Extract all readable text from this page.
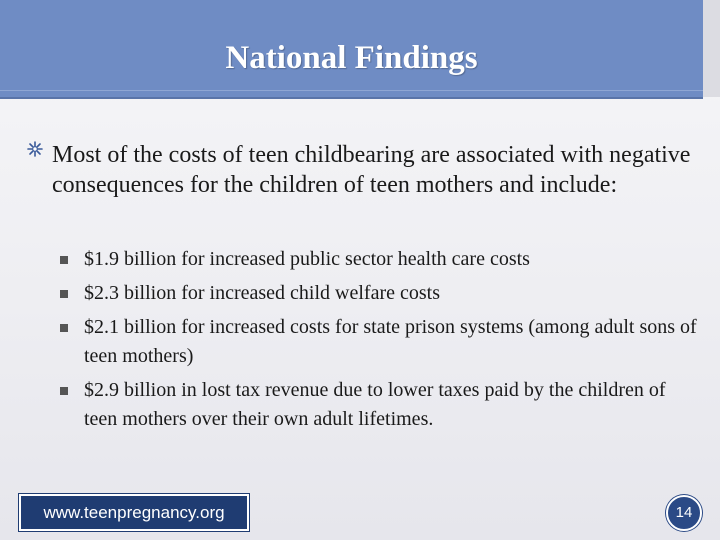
National Findings
Most of the costs of teen childbearing are associated with negative consequences for the children of teen mothers and include:
$1.9 billion for increased public sector health care costs
$2.3 billion for increased child welfare costs
$2.1 billion for increased costs for state prison systems (among adult sons of teen mothers)
$2.9 billion in lost tax revenue due to lower taxes paid by the children of teen mothers over their own adult lifetimes.
www.teenpregnancy.org	14
